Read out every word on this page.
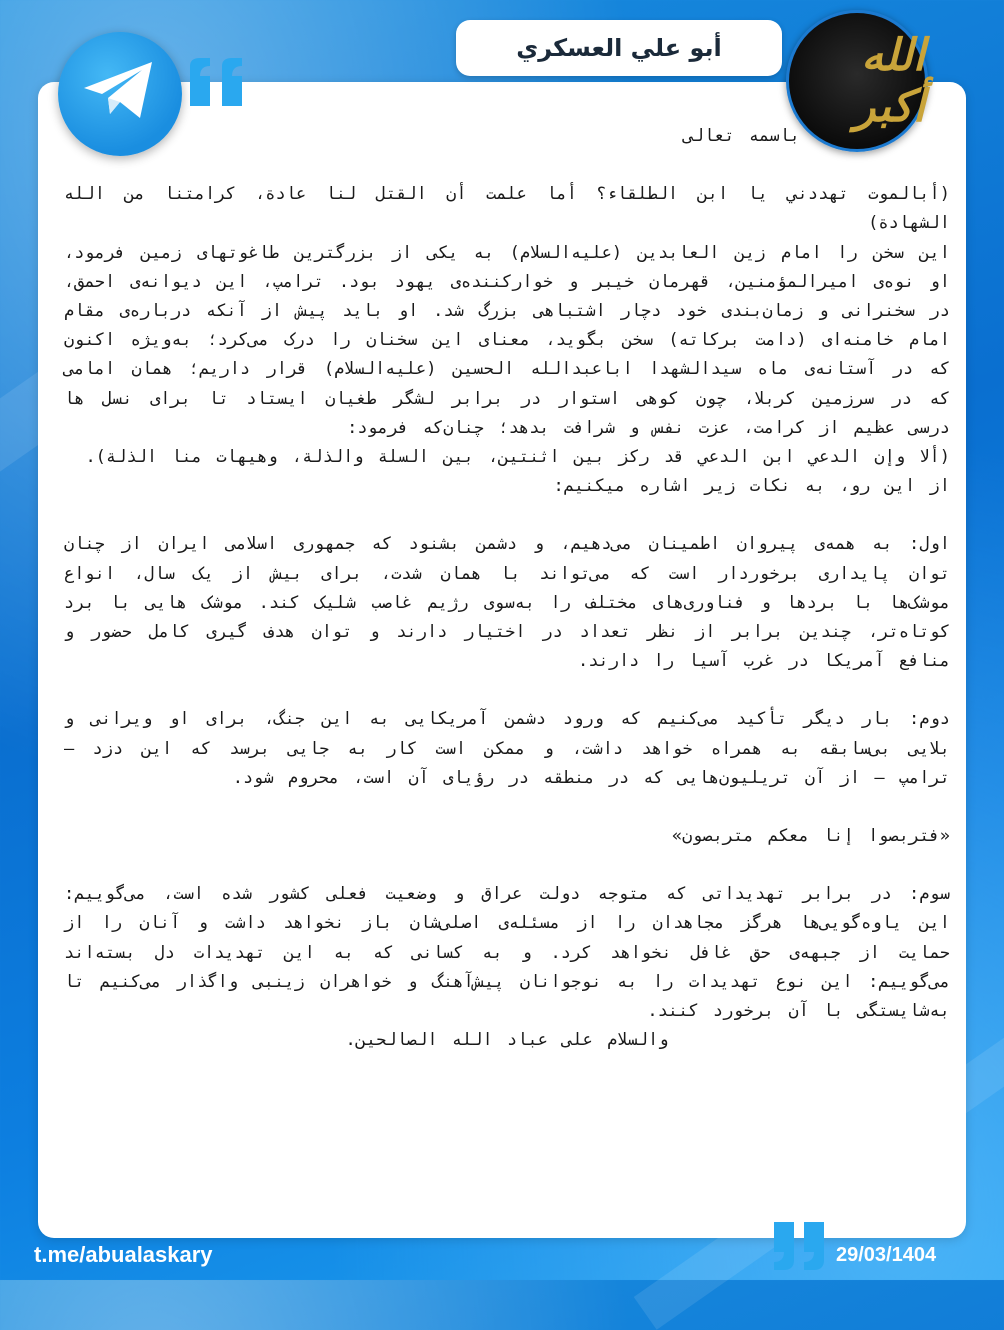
أبو علي العسكري	الله أكبر

باسمه تعالی

(أبالموت تهددني يا ابن الطلقاء؟ أما علمت أن القتل لنا عادة، كرامتنا من الله الشهادة)

این سخن را امام زین العابدین (علیه‌السلام) به یکی از بزرگترین طاغوتهای زمین فرمود، او نوه‌ی امیرالمؤمنین، قهرمان خیبر و خوارکننده‌ی یهود بود. ترامپ، این دیوانه‌ی احمق، در سخنرانی و زمان‌بندی خود دچار اشتباهی بزرگ شد. او باید پیش از آنکه درباره‌ی مقام امام خامنه‌ای (دامت برکاته) سخن بگوید، معنای این سخنان را درک می‌کرد؛ به‌ویژه اکنون که در آستانه‌ی ماه سیدالشهدا اباعبدالله الحسین (علیه‌السلام) قرار داریم؛ همان امامی که در سرزمین کربلا، چون کوهی استوار در برابر لشگر طغیان ایستاد تا برای نسل ها درسی عظیم از کرامت، عزت نفس و شرافت بدهد؛ چنان‌که فرمود:

(ألا وإن الدعي ابن الدعي قد ركز بين اثنتين، بين السلة والذلة، وهيهات منا الذلة).

از این رو، به نکات زیر اشاره میکنیم:

اول: به همه‌ی پیروان اطمینان می‌دهیم، و دشمن بشنود که جمهوری اسلامی ایران از چنان توان پایداری برخوردار است که می‌تواند با همان شدت، برای بیش از یک سال، انواع موشک‌ها با بردها و فناوری‌های مختلف را به‌سوی رژیم غاصب شلیک کند. موشک هایی با برد کوتاه‌تر، چندین برابر از نظر تعداد در اختیار دارند و توان هدف گیری کامل حضور و منافع آمریکا در غرب آسیا را دارند.

دوم: بار دیگر تأکید می‌کنیم که ورود دشمن آمریکایی به این جنگ، برای او ویرانی و بلایی بی‌سابقه به همراه خواهد داشت، و ممکن است کار به جایی برسد که این دزد – ترامپ – از آن تریلیون‌هایی که در منطقه در رؤیای آن است، محروم شود.

«فتربصوا إنا معكم متربصون»

سوم: در برابر تهدیداتی که متوجه دولت عراق و وضعیت فعلی کشور شده است، می‌گوییم: این یاوه‌گویی‌ها هرگز مجاهدان را از مسئله‌ی اصلی‌شان باز نخواهد داشت و آنان را از حمایت از جبهه‌ی حق غافل نخواهد کرد. و به کسانی که به این تهدیدات دل بسته‌اند می‌گوییم: این نوع تهدیدات را به نوجوانان پیش‌آهنگ و خواهران زینبی واگذار می‌کنیم تا به‌شایستگی با آن برخورد کنند.

والسلام علی عباد الله الصالحین.

t.me/abualaskary	29/03/1404
